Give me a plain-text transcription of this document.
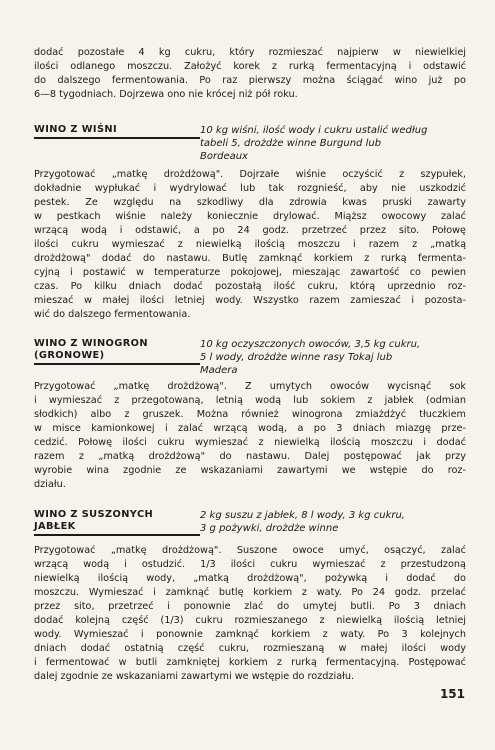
dodać pozostałe 4 kg cukru, który rozmieszać najpierw w niewielkiej
ilości odlanego moszczu. Założyć korek z rurką fermentacyjną i odstawić
do dalszego fermentowania. Po raz pierwszy można ściągać wino już po
6—8 tygodniach. Dojrzewa ono nie krócej niż pół roku.
WINO Z WIŚNI	10 kg wiśni, ilość wody i cukru ustalić według
tabeli 5, drożdże winne Burgund lub
Bordeaux
Przygotować „matkę drożdżową". Dojrzałe wiśnie oczyścić z szypułek,
dokładnie wypłukać i wydrylować lub tak rozgnieść, aby nie uszkodzić
pestek. Ze względu na szkodliwy dla zdrowia kwas pruski zawarty
w pestkach wiśnie należy koniecznie drylować. Miąższ owocowy zalać
wrzącą wodą i odstawić, a po 24 godz. przetrzeć przez sito. Połowę
ilości cukru wymieszać z niewielką ilością moszczu i razem z „matką
drożdżową" dodać do nastawu. Butlę zamknąć korkiem z rurką fermenta-
cyjną i postawić w temperaturze pokojowej, mieszając zawartość co pewien
czas. Po kilku dniach dodać pozostałą ilość cukru, którą uprzednio roz-
mieszać w małej ilości letniej wody. Wszystko razem zamieszać i pozosta-
wić do dalszego fermentowania.
WINO Z WINOGRON
(GRONOWE)
10 kg oczyszczonych owoców, 3,5 kg cukru,
5 l wody, drożdże winne rasy Tokaj lub
Madera
Przygotować „matkę drożdżową". Z umytych owoców wycisnąć sok
i wymieszać z przegotowaną, letnią wodą lub sokiem z jabłek (odmian
słodkich) albo z gruszek. Można również winogrona zmiażdżyć tłuczkiem
w misce kamionkowej i zalać wrzącą wodą, a po 3 dniach miazgę prze-
cedzić. Połowę ilości cukru wymieszać z niewielką ilością moszczu i dodać
razem z „matką drożdżową" do nastawu. Dalej postępować jak przy
wyrobie wina zgodnie ze wskazaniami zawartymi we wstępie do roz-
działu.
WINO Z SUSZONYCH
JABŁEK
2 kg suszu z jabłek, 8 l wody, 3 kg cukru,
3 g pożywki, drożdże winne
Przygotować „matkę drożdżową". Suszone owoce umyć, osączyć, zalać
wrzącą wodą i ostudzić. 1/3 ilości cukru wymieszać z przestudzoną
niewielką ilością wody, „matką drożdżową", pożywką i dodać do
moszczu. Wymieszać i zamknąć butlę korkiem z waty. Po 24 godz. przelać
przez sito, przetrzeć i ponownie zlać do umytej butli. Po 3 dniach
dodać kolejną część (1/3) cukru rozmieszanego z niewielką ilością letniej
wody. Wymieszać i ponownie zamknąć korkiem z waty. Po 3 kolejnych
dniach dodać ostatnią część cukru, rozmieszaną w małej ilości wody
i fermentować w butli zamkniętej korkiem z rurką fermentacyjną. Postępować
dalej zgodnie ze wskazaniami zawartymi we wstępie do rozdziału.
151
